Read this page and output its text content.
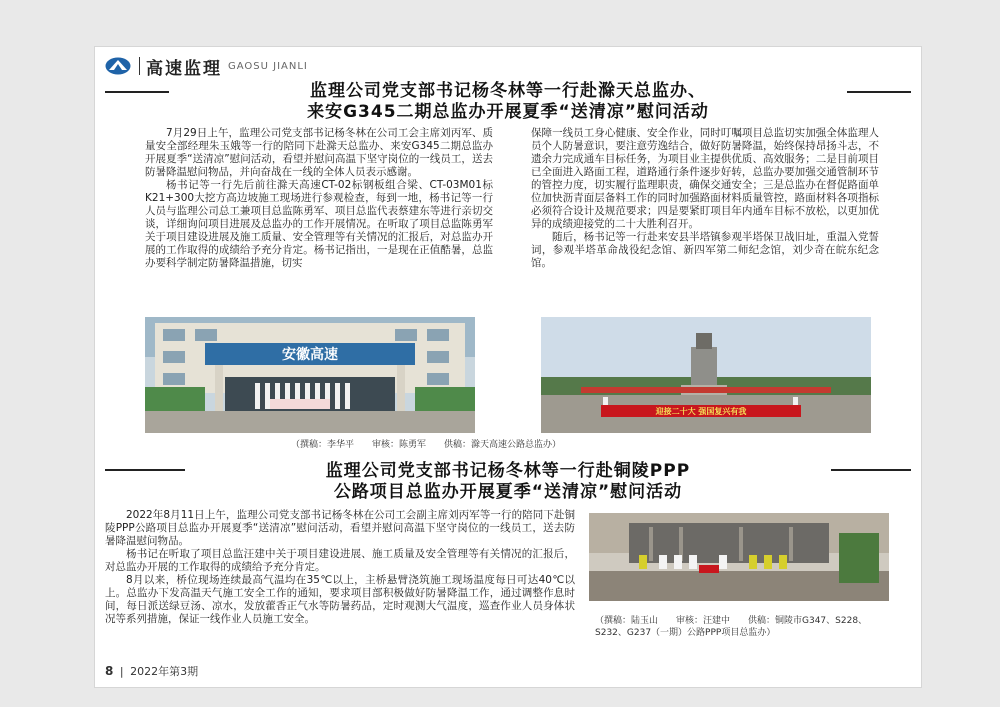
高速监理 GAOSU JIANLI
监理公司党支部书记杨冬林等一行赴滁天总监办、
来安G345二期总监办开展夏季“送清凉”慰问活动

7月29日上午，监理公司党支部书记杨冬林在公司工会主席刘丙军、质量安全部经理朱玉娥等一行的陪同下赴滁天总监办、来安G345二期总监办开展夏季“送清凉”慰问活动，看望并慰问高温下坚守岗位的一线员工，送去防暑降温慰问物品，并向奋战在一线的全体人员表示感谢。

杨书记等一行先后前往滁天高速CT-02标钢板组合梁、CT-03M01标K21+300大挖方高边坡施工现场进行参观检查，每到一地，杨书记等一行人员与监理公司总工兼项目总监陈勇军、项目总监代表蔡建东等进行亲切交谈，详细询问项目进展及总监办的工作开展情况。在听取了项目总监陈勇军关于项目建设进展及施工质量、安全管理等有关情况的汇报后，对总监办开展的工作取得的成绩给予充分肯定。杨书记指出，一是现在正值酷暑，总监办要科学制定防暑降温措施，切实

保障一线员工身心健康、安全作业，同时叮嘱项目总监切实加强全体监理人员个人防暑意识，要注意劳逸结合，做好防暑降温，始终保持昂扬斗志，不遗余力完成通车目标任务，为项目业主提供优质、高效服务；二是目前项目已全面进入路面工程，道路通行条件逐步好转，总监办要加强交通管制环节的管控力度，切实履行监理职责，确保交通安全；三是总监办在督促路面单位加快沥青面层备料工作的同时加强路面材料质量管控，路面材料各项指标必须符合设计及规范要求；四是要紧盯项目年内通车目标不放松，以更加优异的成绩迎接党的二十大胜利召开。

随后，杨书记等一行赴来安县半塔镇参观半塔保卫战旧址，重温入党誓词，参观半塔革命战役纪念馆、新四军第二师纪念馆，刘少奇在皖东纪念馆。

安徽高速
迎接二十大 强国复兴有我
（撰稿：李华平　　审核：陈勇军　　供稿：滁天高速公路总监办）
监理公司党支部书记杨冬林等一行赴铜陵PPP
公路项目总监办开展夏季“送清凉”慰问活动

2022年8月11日上午，监理公司党支部书记杨冬林在公司工会副主席刘丙军等一行的陪同下赴铜陵PPP公路项目总监办开展夏季“送清凉”慰问活动，看望并慰问高温下坚守岗位的一线员工，送去防暑降温慰问物品。

杨书记在听取了项目总监汪建中关于项目建设进展、施工质量及安全管理等有关情况的汇报后，对总监办开展的工作取得的成绩给予充分肯定。

8月以来，桥位现场连续最高气温均在35℃以上，主桥悬臂浇筑施工现场温度每日可达40℃以上。总监办下发高温天气施工安全工作的通知，要求项目部积极做好防暑降温工作，通过调整作息时间，每日派送绿豆汤、凉水，发放藿香正气水等防暑药品，定时观测大气温度，巡查作业人员身体状况等系列措施，保证一线作业人员施工安全。	（撰稿：陆玉山　　审核：汪建中　　供稿：铜陵市G347、S228、S232、G237（一期）公路PPP项目总监办）
8 | 2022年第3期
